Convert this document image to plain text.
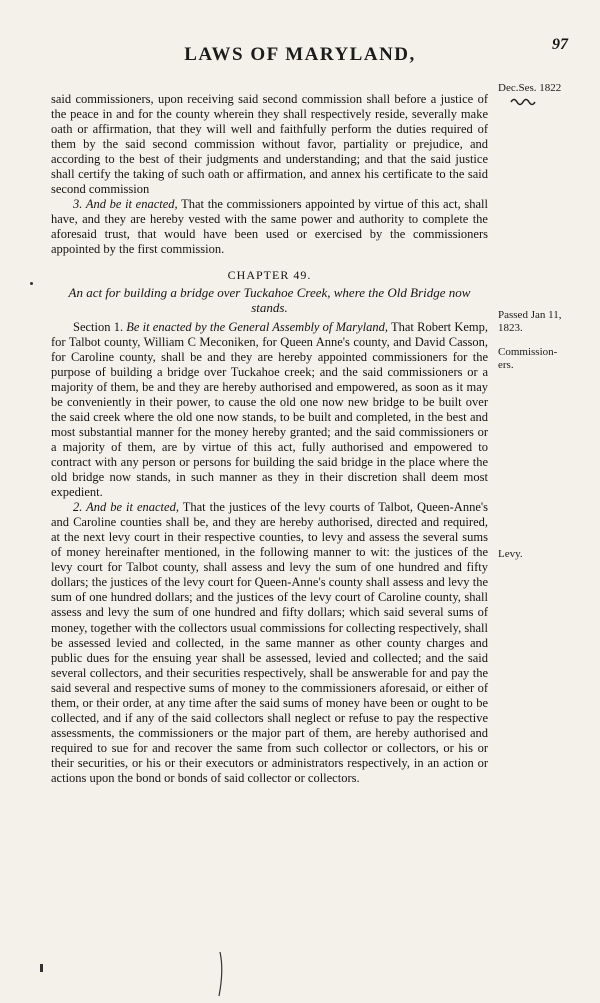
LAWS OF MARYLAND,	97
Dec.Ses. 1822
Passed Jan 11, 1823.
Commission-ers.
Levy.

said commissioners, upon receiving said second commission shall before a justice of the peace in and for the county wherein they shall respectively reside, severally make oath or affirmation, that they will well and faithfully perform the duties required of them by the said second commission without favor, partiality or prejudice, and according to the best of their judgments and understanding; and that the said justice shall certify the taking of such oath or affirmation, and annex his certificate to the said second commission

3. And be it enacted, That the commissioners appointed by virtue of this act, shall have, and they are hereby vested with the same power and authority to complete the aforesaid trust, that would have been used or exercised by the commissioners appointed by the first commission.

CHAPTER 49.
An act for building a bridge over Tuckahoe Creek, where the Old Bridge now stands.

Section 1. Be it enacted by the General Assembly of Maryland, That Robert Kemp, for Talbot county, William C Meconiken, for Queen Anne's county, and David Casson, for Caroline county, shall be and they are hereby appointed commissioners for the purpose of building a bridge over Tuckahoe creek; and the said commissioners or a majority of them, be and they are hereby authorised and empowered, as soon as it may be conveniently in their power, to cause the old one now new bridge to be built over the said creek where the old one now stands, to be built and completed, in the best and most substantial manner for the money hereby granted; and the said commissioners or a majority of them, are by virtue of this act, fully authorised and empowered to contract with any person or persons for building the said bridge in the place where the old bridge now stands, in such manner as they in their discretion shall deem most expedient.

2. And be it enacted, That the justices of the levy courts of Talbot, Queen-Anne's and Caroline counties shall be, and they are hereby authorised, directed and required, at the next levy court in their respective counties, to levy and assess the several sums of money hereinafter mentioned, in the following manner to wit: the justices of the levy court for Talbot county, shall assess and levy the sum of one hundred and fifty dollars; the justices of the levy court for Queen-Anne's county shall assess and levy the sum of one hundred dollars; and the justices of the levy court of Caroline county, shall assess and levy the sum of one hundred and fifty dollars; which said several sums of money, together with the collectors usual commissions for collecting respectively, shall be assessed levied and collected, in the same manner as other county charges and public dues for the ensuing year shall be assessed, levied and collected; and the said several collectors, and their securities respectively, shall be answerable for and pay the said several and respective sums of money to the commissioners aforesaid, or either of them, or their order, at any time after the said sums of money have been or ought to be collected, and if any of the said collectors shall neglect or refuse to pay the respective assessments, the commissioners or the major part of them, are hereby authorised and required to sue for and recover the same from such collector or collectors, or his or their securities, or his or their executors or administrators respectively, in an action or actions upon the bond or bonds of said collector or collectors.
